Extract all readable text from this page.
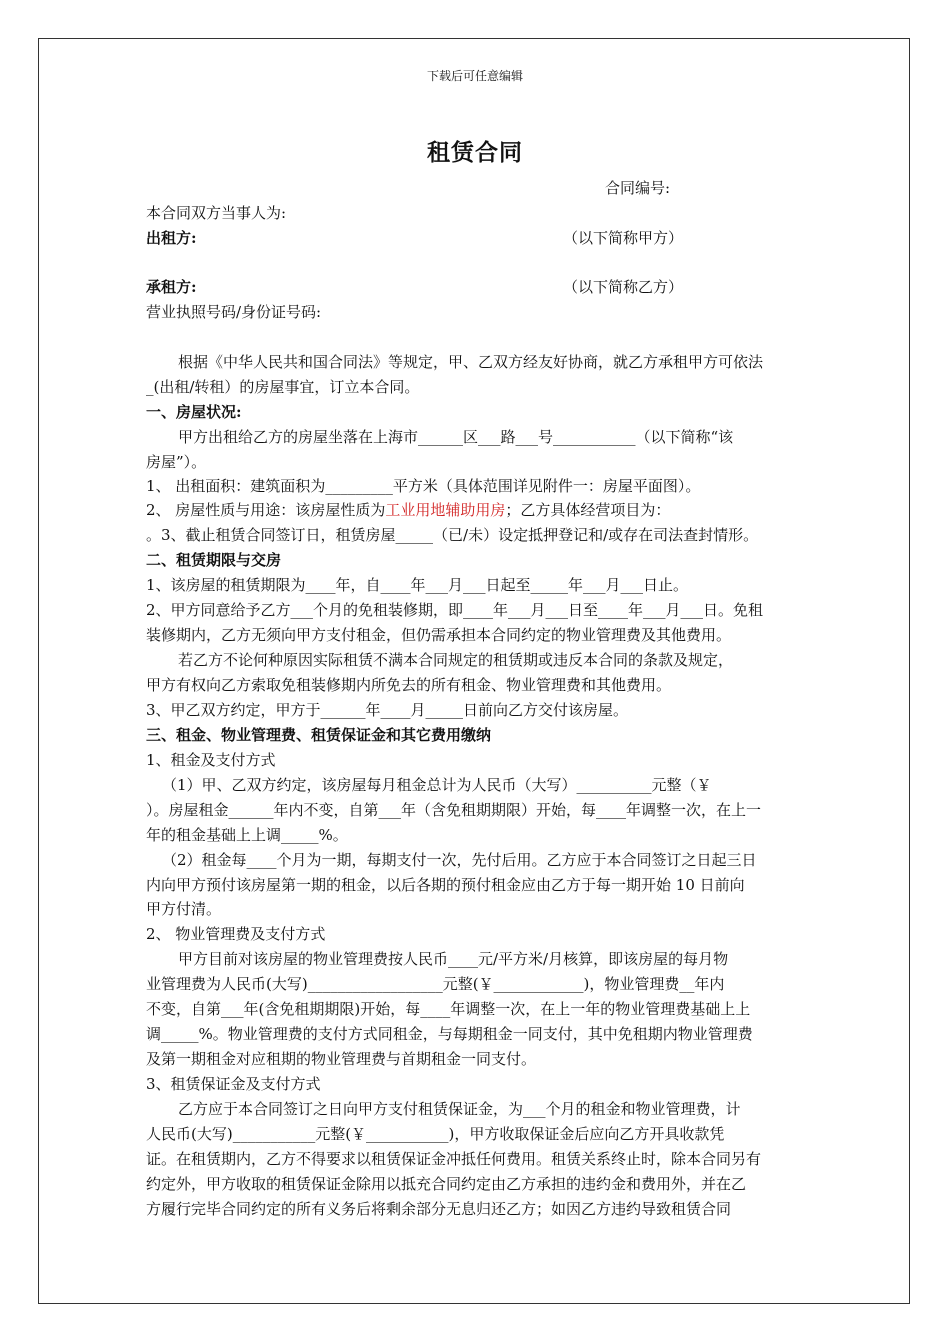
下载后可任意编辑
租赁合同
合同编号:
本合同双方当事人为:
出租方:	（以下简称甲方）
承租方:	（以下简称乙方）
营业执照号码/身份证号码:
根据《中华人民共和国合同法》等规定，甲、乙双方经友好协商，就乙方承租甲方可依法
_(出租/转租）的房屋事宜，订立本合同。
一、房屋状况:
甲方出租给乙方的房屋坐落在上海市______区___路___号___________（以下简称“该
房屋”）。
1、 出租面积：建筑面积为_________平方米（具体范围详见附件一：房屋平面图）。
2、 房屋性质与用途：该房屋性质为工业用地辅助用房；乙方具体经营项目为：
。3、截止租赁合同签订日，租赁房屋_____（已/未）设定抵押登记和/或存在司法查封情形。
二、租赁期限与交房
1、该房屋的租赁期限为____年，自____年___月___日起至_____年___月___日止。
2、甲方同意给予乙方___个月的免租装修期，即____年___月___日至____年___月___日。免租
装修期内，乙方无须向甲方支付租金，但仍需承担本合同约定的物业管理费及其他费用。
若乙方不论何种原因实际租赁不满本合同规定的租赁期或违反本合同的条款及规定，
甲方有权向乙方索取免租装修期内所免去的所有租金、物业管理费和其他费用。
3、甲乙双方约定，甲方于______年____月_____日前向乙方交付该房屋。
三、租金、物业管理费、租赁保证金和其它费用缴纳
1、租金及支付方式
（1）甲、乙双方约定，该房屋每月租金总计为人民币（大写）__________元整（￥
）。房屋租金______年内不变，自第___年（含免租期期限）开始，每____年调整一次，在上一
年的租金基础上上调_____%。
（2）租金每____个月为一期，每期支付一次，先付后用。乙方应于本合同签订之日起三日
内向甲方预付该房屋第一期的租金，以后各期的预付租金应由乙方于每一期开始 10 日前向
甲方付清。
2、 物业管理费及支付方式
甲方目前对该房屋的物业管理费按人民币____元/平方米/月核算，即该房屋的每月物
业管理费为人民币(大写)__________________元整(￥____________)，物业管理费__年内
不变，自第___年(含免租期期限)开始，每____年调整一次，在上一年的物业管理费基础上上
调_____%。物业管理费的支付方式同租金，与每期租金一同支付，其中免租期内物业管理费
及第一期租金对应租期的物业管理费与首期租金一同支付。
3、租赁保证金及支付方式
乙方应于本合同签订之日向甲方支付租赁保证金，为___个月的租金和物业管理费，计
人民币(大写)___________元整(￥___________)，甲方收取保证金后应向乙方开具收款凭
证。在租赁期内，乙方不得要求以租赁保证金冲抵任何费用。租赁关系终止时，除本合同另有
约定外，甲方收取的租赁保证金除用以抵充合同约定由乙方承担的违约金和费用外，并在乙
方履行完毕合同约定的所有义务后将剩余部分无息归还乙方；如因乙方违约导致租赁合同
